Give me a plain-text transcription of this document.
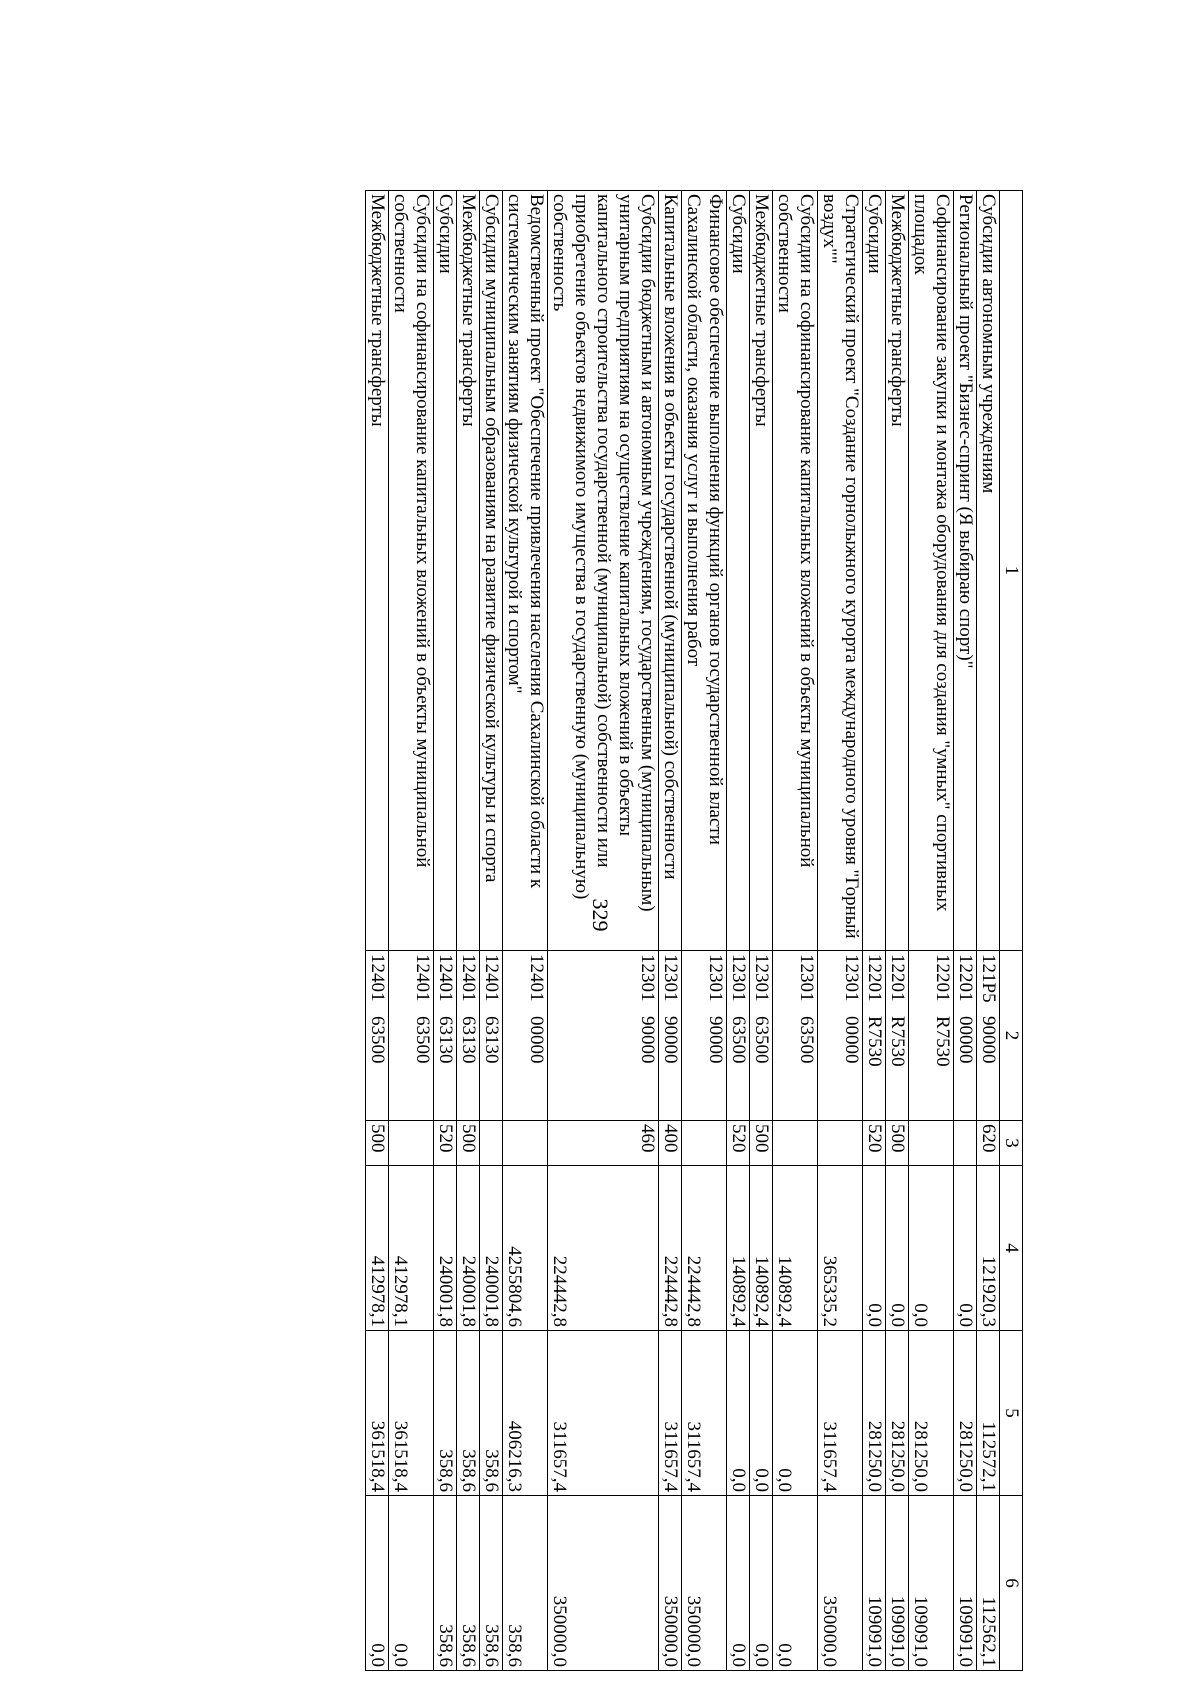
329
1	2	3	4	5	6
Субсидии автономным учреждениям	121P590000	620	121920,3	112572,1	112562,1
Региональный проект "Бизнес-спринт (Я выбираю спорт)"	1220100000		0,0	281250,0	109091,0
Софинансирование закупки и монтажа оборудования для создания "умных" спортивных площадок	12201R7530		0,0	281250,0	109091,0
Межбюджетные трансферты	12201R7530	500	0,0	281250,0	109091,0
Субсидии	12201R7530	520	0,0	281250,0	109091,0
Стратегический проект "Создание горнолыжного курорта международного уровня "Горный воздух""	1230100000		365335,2	311657,4	350000,0
Субсидии на софинансирование капитальных вложений в объекты муниципальной собственности	1230163500		140892,4	0,0	0,0
Межбюджетные трансферты	1230163500	500	140892,4	0,0	0,0
Субсидии	1230163500	520	140892,4	0,0	0,0
Финансовое обеспечение выполнения функций органов государственной власти Сахалинской области, оказания услуг и выполнения работ	1230190000		224442,8	311657,4	350000,0
Капитальные вложения в объекты государственной (муниципальной) собственности	1230190000	400	224442,8	311657,4	350000,0
Субсидии бюджетным и автономным учреждениям, государственным (муниципальным) унитарным предприятиям на осуществление капитальных вложений в объекты капитального строительства государственной (муниципальной) собственности или приобретение объектов недвижимого имущества в государственную (муниципальную) собственность	1230190000	460	224442,8	311657,4	350000,0
Ведомственный проект "Обеспечение привлечения населения Сахалинской области к систематическим занятиям физической культурой и спортом"	1240100000		4255804,6	406216,3	358,6
Субсидии муниципальным образованиям на развитие физической культуры и спорта	1240163130		240001,8	358,6	358,6
Межбюджетные трансферты	1240163130	500	240001,8	358,6	358,6
Субсидии	1240163130	520	240001,8	358,6	358,6
Субсидии на софинансирование капитальных вложений в объекты муниципальной собственности	1240163500		412978,1	361518,4	0,0
Межбюджетные трансферты	1240163500	500	412978,1	361518,4	0,0
